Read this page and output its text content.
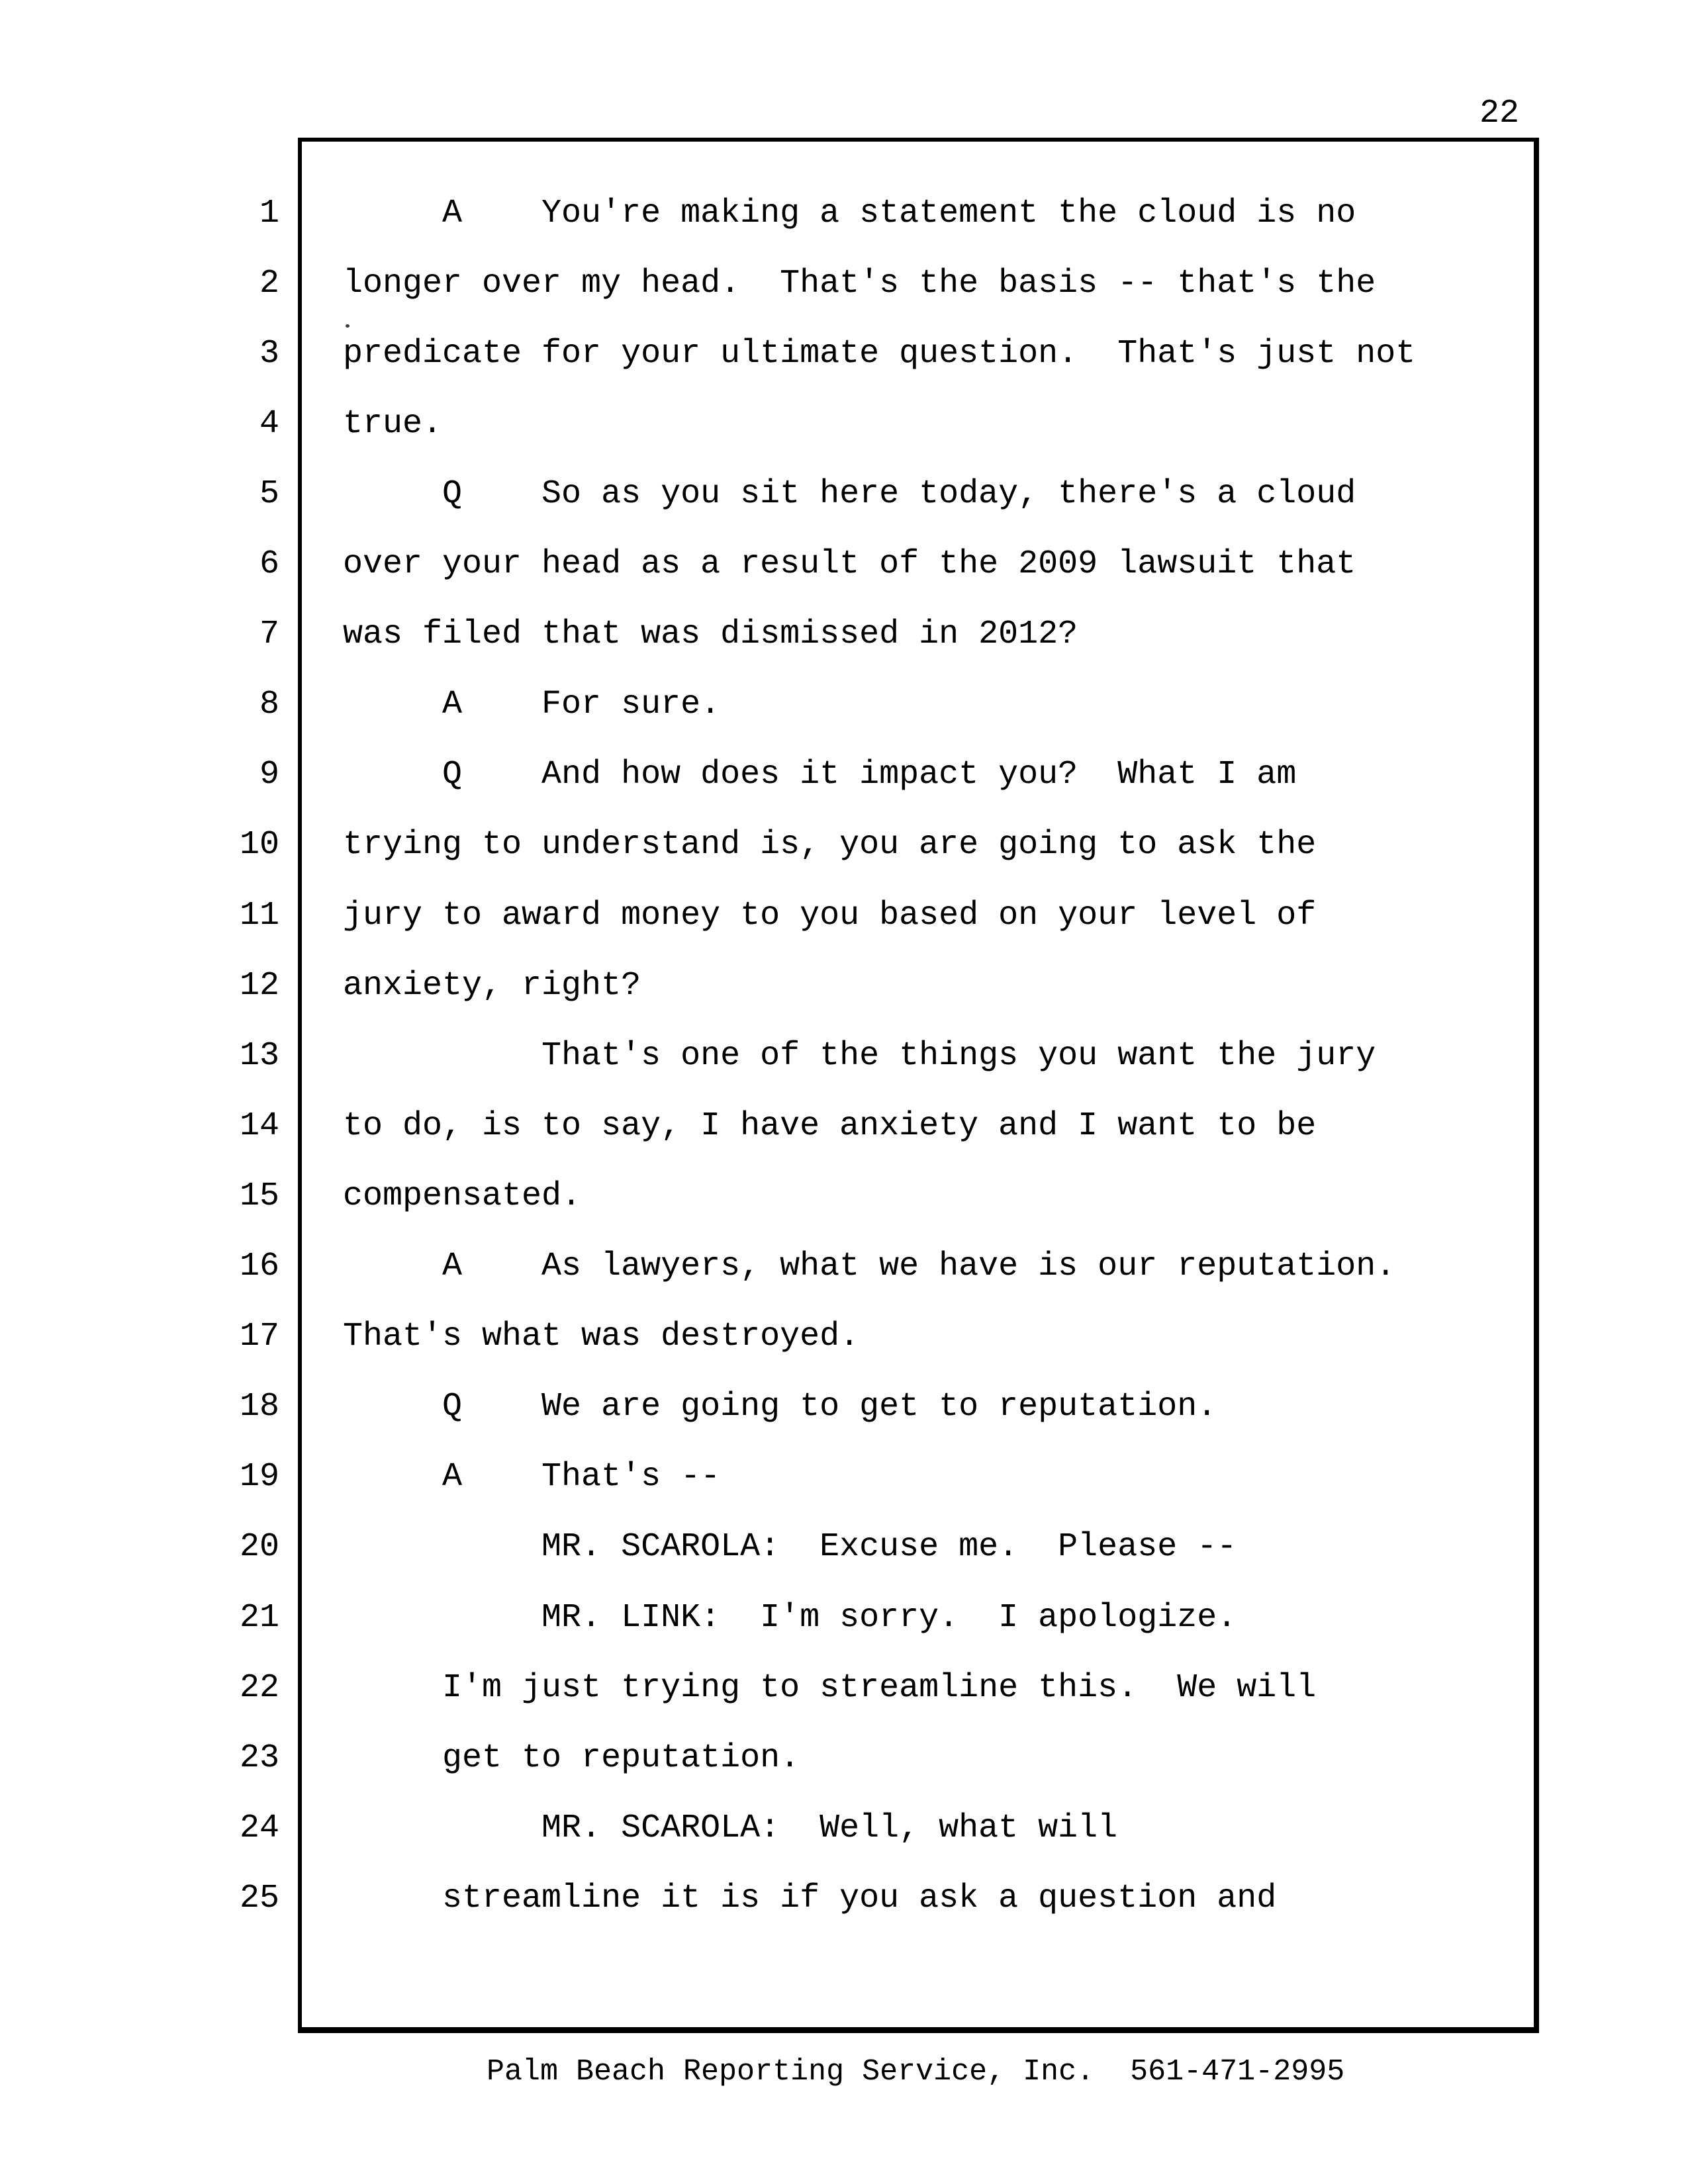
22
1 A    You're making a statement the cloud is no
2 longer over my head.  That's the basis -- that's the
3 predicate for your ultimate question.  That's just not
4 true.
5 Q    So as you sit here today, there's a cloud
6 over your head as a result of the 2009 lawsuit that
7 was filed that was dismissed in 2012?
8 A    For sure.
9 Q    And how does it impact you?  What I am
10 trying to understand is, you are going to ask the
11 jury to award money to you based on your level of
12 anxiety, right?
13 That's one of the things you want the jury
14 to do, is to say, I have anxiety and I want to be
15 compensated.
16 A    As lawyers, what we have is our reputation.
17 That's what was destroyed.
18 Q    We are going to get to reputation.
19 A    That's --
20 MR. SCAROLA:  Excuse me.  Please --
21 MR. LINK:  I'm sorry.  I apologize.
22 I'm just trying to streamline this.  We will
23 get to reputation.
24 MR. SCAROLA:  Well, what will
25 streamline it is if you ask a question and
Palm Beach Reporting Service, Inc.  561-471-2995
